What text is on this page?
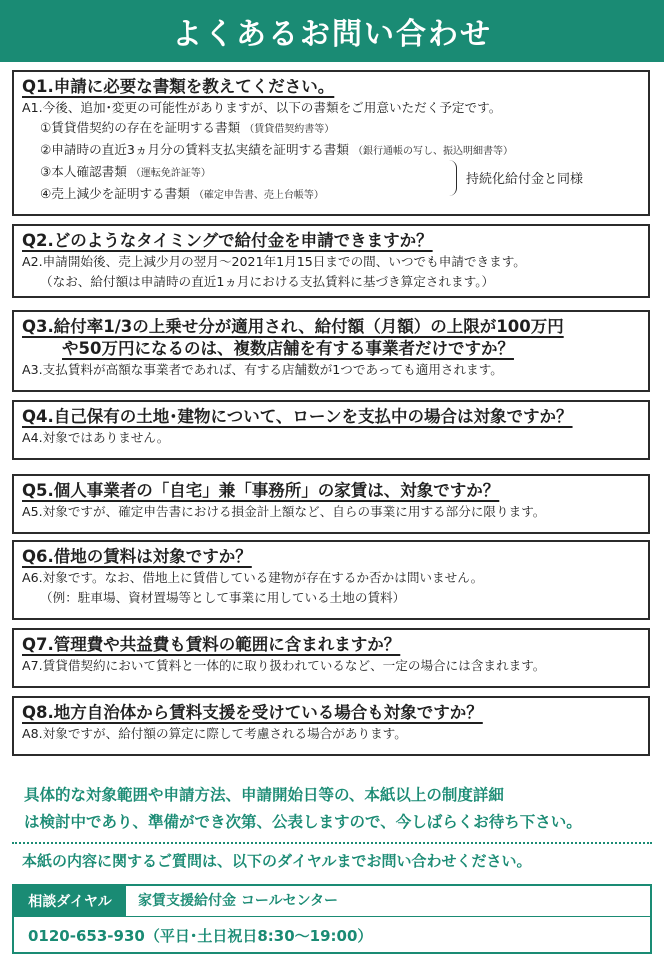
よくあるお問い合わせ
Q1.申請に必要な書類を教えてください。
A1.今後、追加･変更の可能性がありますが、以下の書類をご用意いただく予定です。
①賃貸借契約の存在を証明する書類 （賃貸借契約書等）
②申請時の直近3ヵ月分の賃料支払実績を証明する書類 （銀行通帳の写し、振込明細書等）
③本人確認書類 （運転免許証等）
④売上減少を証明する書類 （確定申告書、売上台帳等）
持続化給付金と同様
Q2.どのようなタイミングで給付金を申請できますか？
A2.申請開始後、売上減少月の翌月～2021年1月15日までの間、いつでも申請できます。
（なお、給付額は申請時の直近1ヵ月における支払賃料に基づき算定されます。）
Q3.給付率1/3の上乗せ分が適用され、給付額（月額）の上限が100万円
や50万円になるのは、複数店舗を有する事業者だけですか？
A3.支払賃料が高額な事業者であれば、有する店舗数が1つであっても適用されます。
Q4.自己保有の土地･建物について、ローンを支払中の場合は対象ですか？
A4.対象ではありません。
Q5.個人事業者の「自宅」兼「事務所」の家賃は、対象ですか？
A5.対象ですが、確定申告書における損金計上額など、自らの事業に用する部分に限ります。
Q6.借地の賃料は対象ですか？
A6.対象です。なお、借地上に賃借している建物が存在するか否かは問いません。
（例：駐車場、資材置場等として事業に用している土地の賃料）
Q7.管理費や共益費も賃料の範囲に含まれますか？
A7.賃貸借契約において賃料と一体的に取り扱われているなど、一定の場合には含まれます。
Q8.地方自治体から賃料支援を受けている場合も対象ですか？
A8.対象ですが、給付額の算定に際して考慮される場合があります。
具体的な対象範囲や申請方法、申請開始日等の、本紙以上の制度詳細
は検討中であり、準備ができ次第、公表しますので、今しばらくお待ち下さい。
本紙の内容に関するご質問は、以下のダイヤルまでお問い合わせください。
相談ダイヤル	家賃支援給付金 コールセンター
0120-653-930（平日･土日祝日8:30～19:00）
